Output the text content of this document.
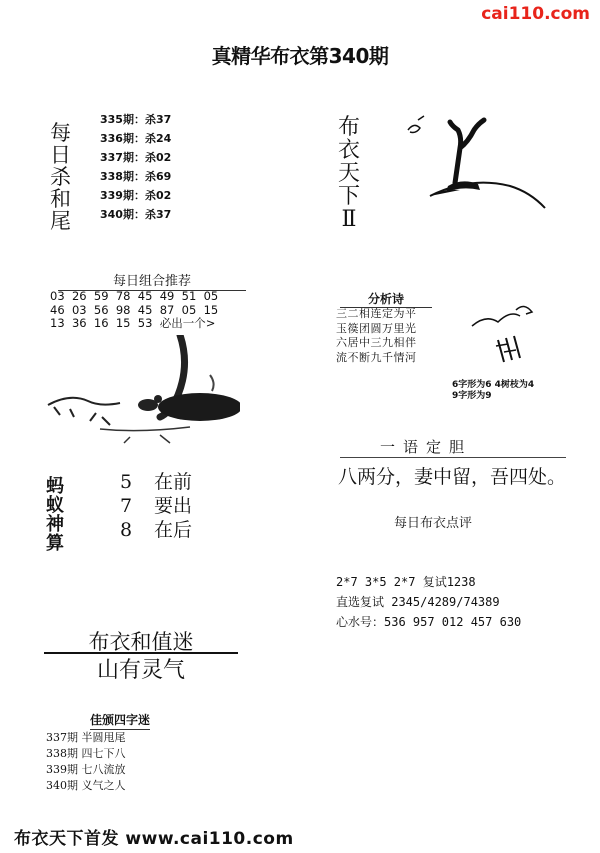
cai110.com
真精华布衣第340期
每
日
杀
和
尾
335期：杀37
336期：杀24
337期：杀02
338期：杀69
339期：杀02
340期：杀37
布
衣
天
下
Ⅱ
每日组合推荐
03  26  59  78  45  49  51  05
46  03  56  98  45  87  05  15
13  36  16  15  53  必出一个>
蚂
蚁
神
算
5 在前
7 要出
8 在后
布衣和值迷
山有灵气
佳颁四字迷
337期 半圆甩尾
338期 四七下八
339期 七八流放
340期 义气之人
分析诗
三二相连定为平
玉篌团圆万里光
六居中三九相伴
流不断九千情河
6字形为6 4树枝为4
9字形为9
一语定胆
八两分，妻中留，吾四处。
每日布衣点评
2*7 3*5 2*7 复试1238
直选复试 2345/4289/74389
心水号：536 957 012 457 630
布衣天下首发 www.cai110.com
